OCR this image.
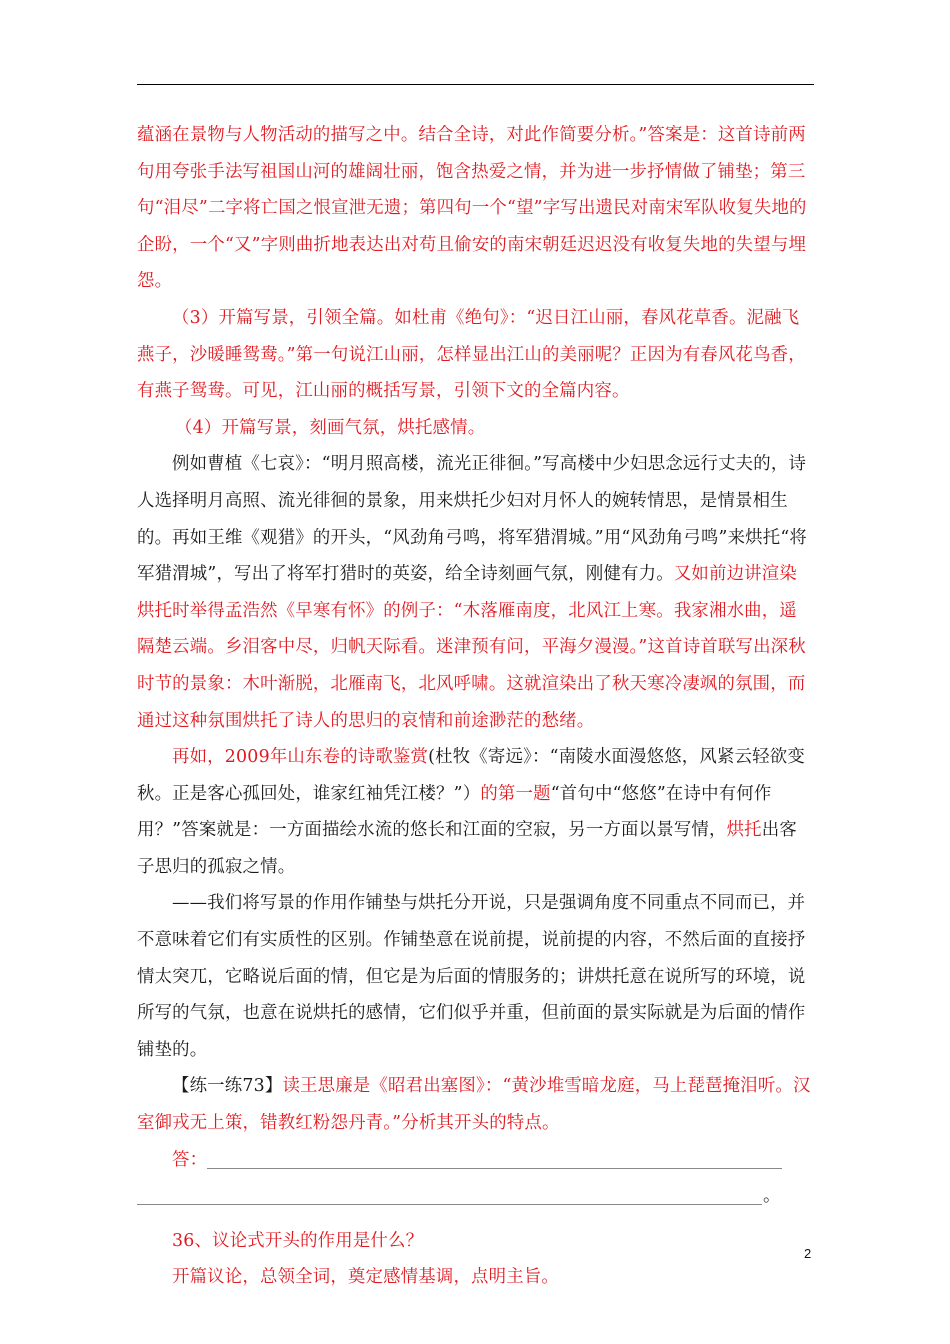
蕴涵在景物与人物活动的描写之中。结合全诗，对此作简要分析。”答案是：这首诗前两句用夸张手法写祖国山河的雄阔壮丽，饱含热爱之情，并为进一步抒情做了铺垫；第三句“泪尽”二字将亡国之恨宣泄无遗；第四句一个“望”字写出遗民对南宋军队收复失地的企盼，一个“又”字则曲折地表达出对苟且偷安的南宋朝廷迟迟没有收复失地的失望与埋怨。

（3）开篇写景，引领全篇。如杜甫《绝句》：“迟日江山丽，春风花草香。泥融飞燕子，沙暖睡鸳鸯。”第一句说江山丽，怎样显出江山的美丽呢？正因为有春风花鸟香，有燕子鸳鸯。可见，江山丽的概括写景，引领下文的全篇内容。

（4）开篇写景，刻画气氛，烘托感情。

例如曹植《七哀》：“明月照高楼，流光正徘徊。”写高楼中少妇思念远行丈夫的，诗人选择明月高照、流光徘徊的景象，用来烘托少妇对月怀人的婉转情思，是情景相生的。再如王维《观猎》的开头，“风劲角弓鸣，将军猎渭城。”用“风劲角弓鸣”来烘托“将军猎渭城”，写出了将军打猎时的英姿，给全诗刻画气氛，刚健有力。又如前边讲渲染烘托时举得孟浩然《早寒有怀》的例子：“木落雁南度，北风江上寒。我家湘水曲，遥隔楚云端。乡泪客中尽，归帆天际看。迷津预有问，平海夕漫漫。”这首诗首联写出深秋时节的景象：木叶渐脱，北雁南飞，北风呼啸。这就渲染出了秋天寒冷凄飒的氛围，而通过这种氛围烘托了诗人的思归的哀情和前途渺茫的愁绪。

再如，2009年山东卷的诗歌鉴赏(杜牧《寄远》：“南陵水面漫悠悠，风紧云轻欲变秋。正是客心孤回处，谁家红袖凭江楼？”）的第一题“首句中“悠悠”在诗中有何作用？”答案就是：一方面描绘水流的悠长和江面的空寂，另一方面以景写情，烘托出客子思归的孤寂之情。

——我们将写景的作用作铺垫与烘托分开说，只是强调角度不同重点不同而已，并不意味着它们有实质性的区别。作铺垫意在说前提，说前提的内容，不然后面的直接抒情太突兀，它略说后面的情，但它是为后面的情服务的；讲烘托意在说所写的环境，说所写的气氛，也意在说烘托的感情，它们似乎并重，但前面的景实际就是为后面的情作铺垫的。

【练一练73】读王思廉是《昭君出塞图》：“黄沙堆雪暗龙庭，马上琵琶掩泪听。汉室御戎无上策，错教红粉怨丹青。”分析其开头的特点。

答：
。

36、议论式开头的作用是什么？

开篇议论，总领全词，奠定感情基调，点明主旨。

2
